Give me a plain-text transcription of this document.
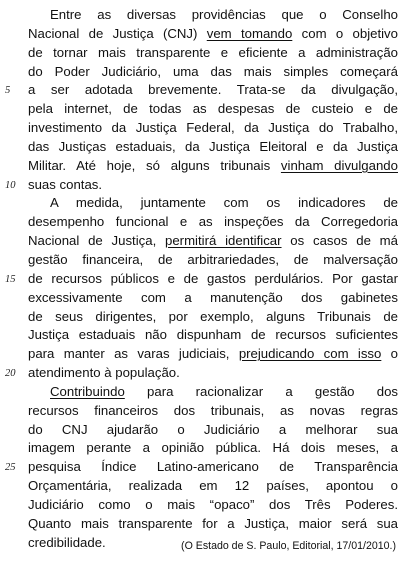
Entre as diversas providências que o Conselho
Nacional de Justiça (CNJ) vem tomando com o objetivo
de tornar mais transparente e eficiente a administração
do Poder Judiciário, uma das mais simples começará
5 a ser adotada brevemente. Trata-se da divulgação,
pela internet, de todas as despesas de custeio e de
investimento da Justiça Federal, da Justiça do Trabalho,
das Justiças estaduais, da Justiça Eleitoral e da Justiça
Militar. Até hoje, só alguns tribunais vinham divulgando
10 suas contas.
A medida, juntamente com os indicadores de
desempenho funcional e as inspeções da Corregedoria
Nacional de Justiça, permitirá identificar os casos de má
gestão financeira, de arbitrariedades, de malversação
15 de recursos públicos e de gastos perdulários. Por gastar
excessivamente com a manutenção dos gabinetes
de seus dirigentes, por exemplo, alguns Tribunais de
Justiça estaduais não dispunham de recursos suficientes
para manter as varas judiciais, prejudicando com isso o
20 atendimento à população.
Contribuindo para racionalizar a gestão dos
recursos financeiros dos tribunais, as novas regras
do CNJ ajudarão o Judiciário a melhorar sua
imagem perante a opinião pública. Há dois meses, a
25 pesquisa Índice Latino-americano de Transparência
Orçamentária, realizada em 12 países, apontou o
Judiciário como o mais “opaco” dos Três Poderes.
Quanto mais transparente for a Justiça, maior será sua
credibilidade.	(O Estado de S. Paulo, Editorial, 17/01/2010.)
